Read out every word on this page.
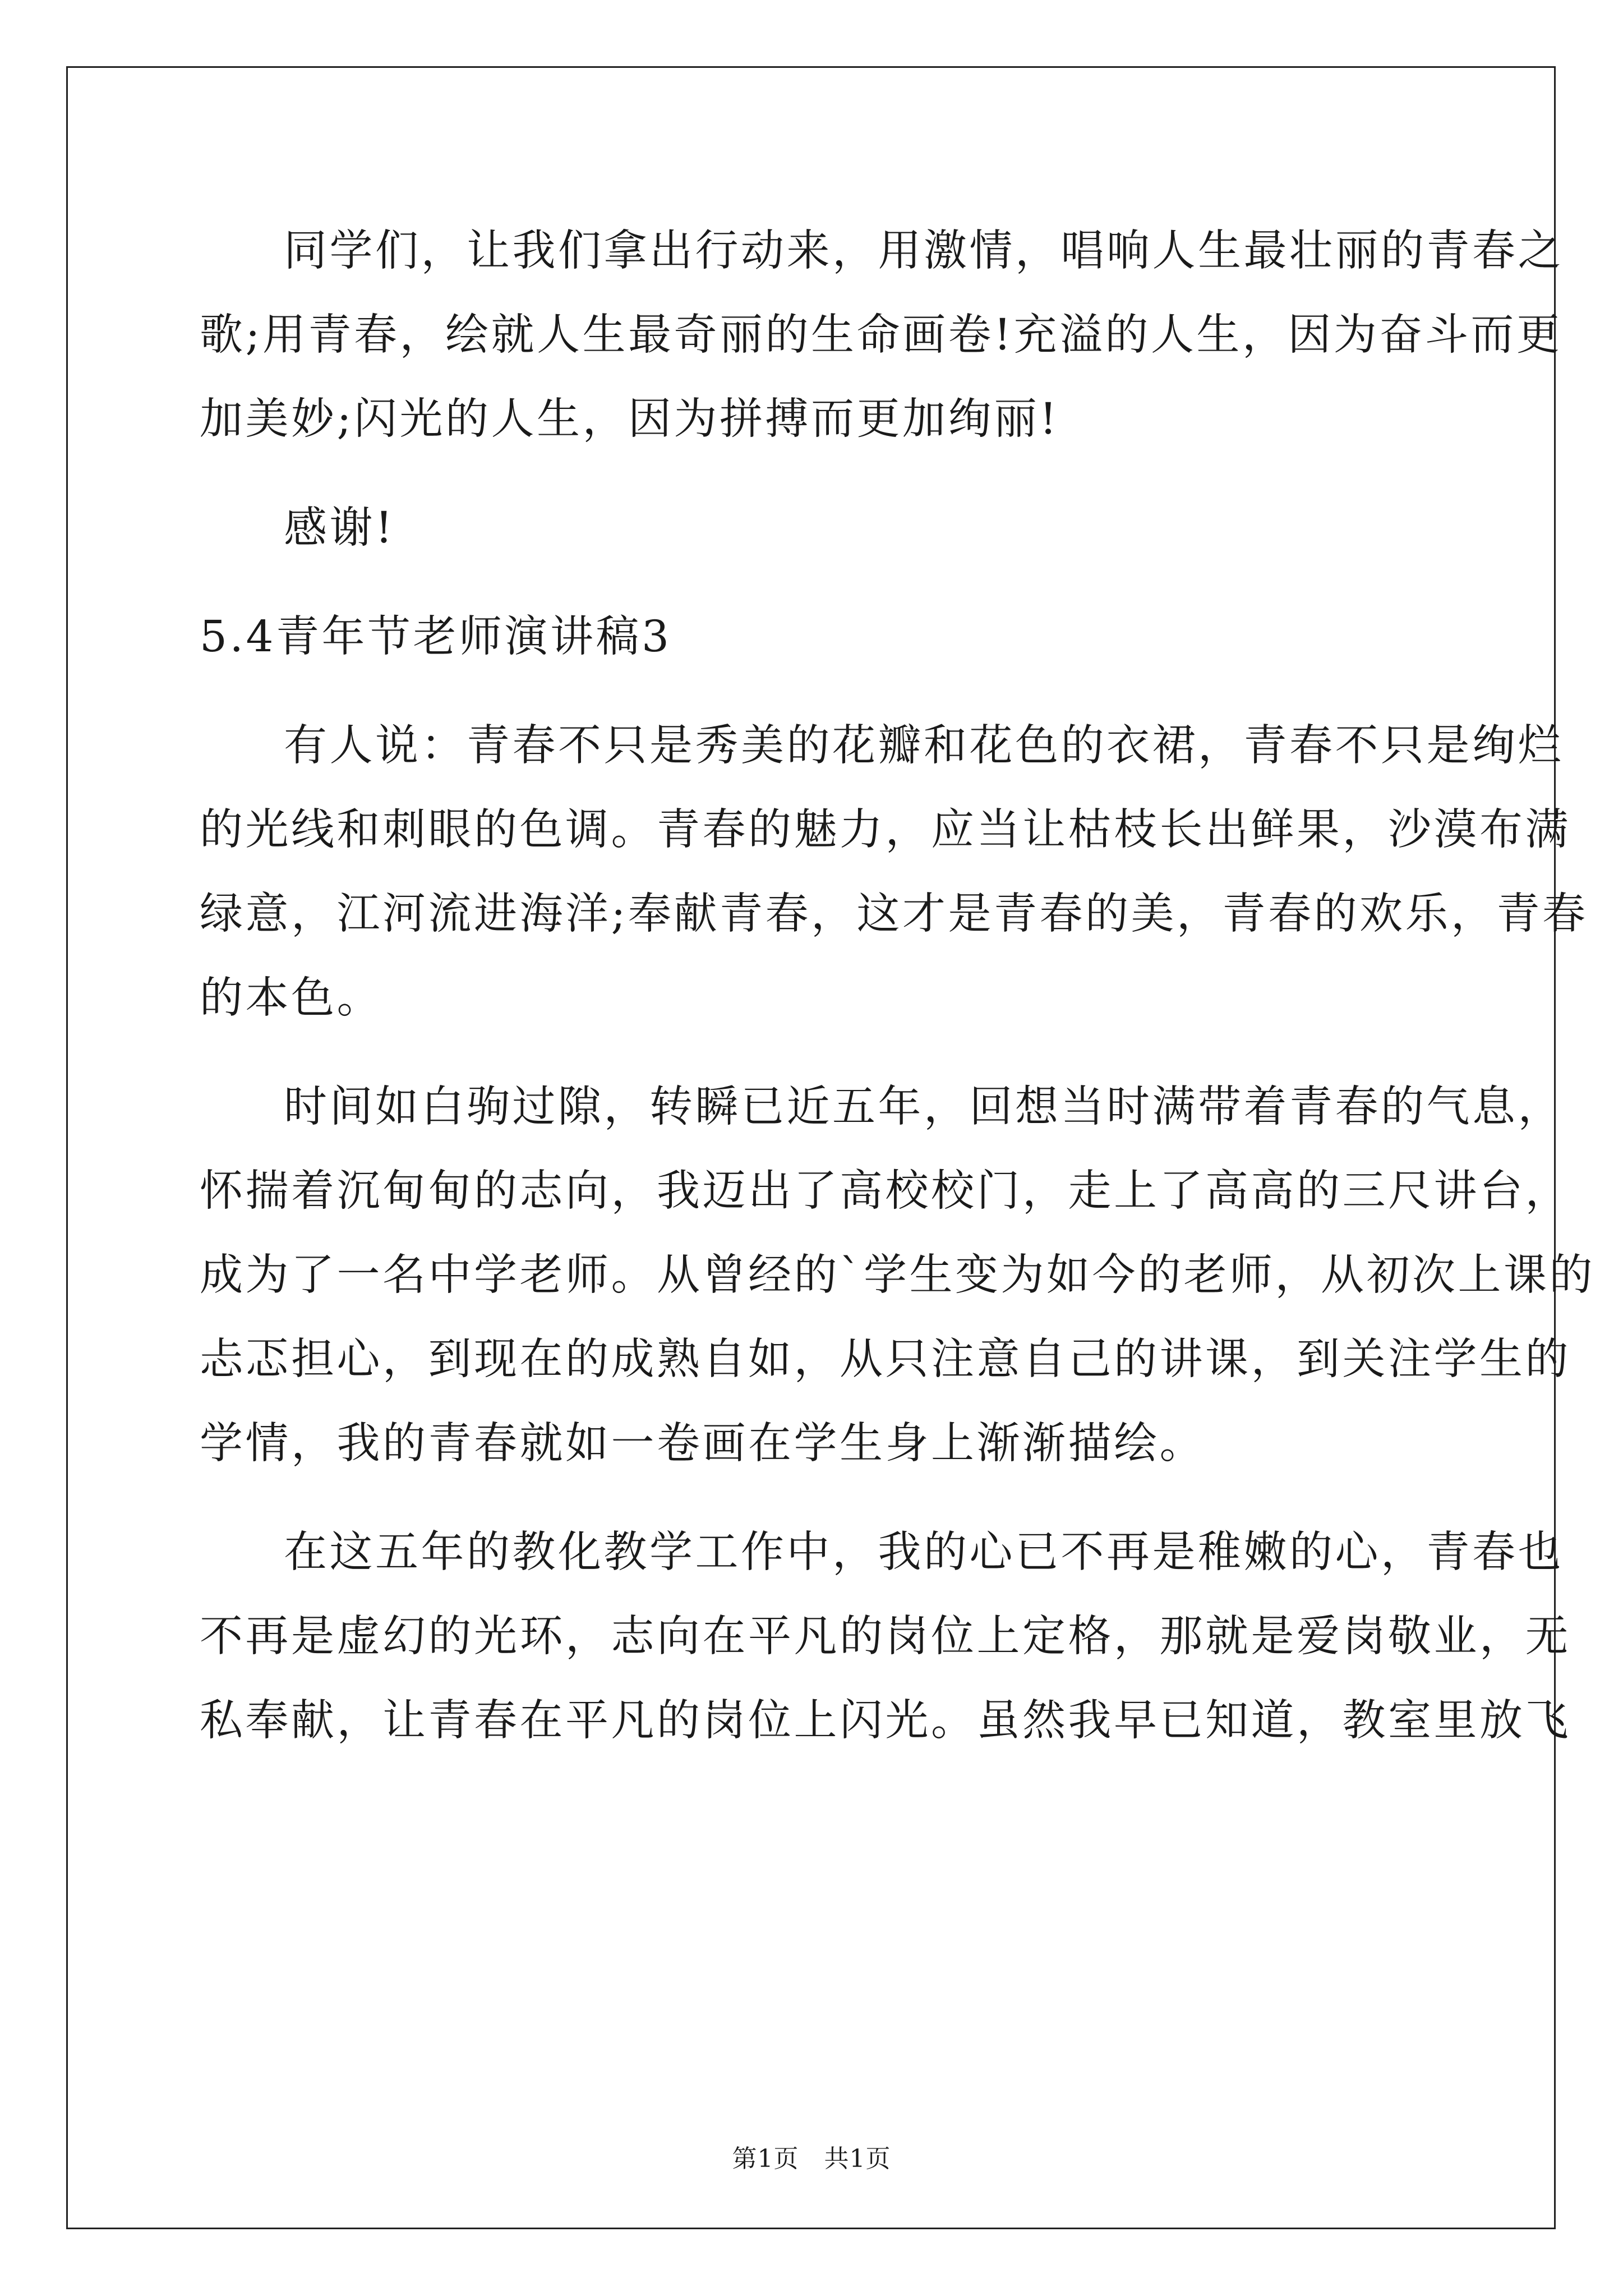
同学们，让我们拿出行动来，用激情，唱响人生最壮丽的青春之

歌;用青春，绘就人生最奇丽的生命画卷!充溢的人生，因为奋斗而更

加美妙;闪光的人生，因为拼搏而更加绚丽!

感谢!

5.4青年节老师演讲稿3

有人说：青春不只是秀美的花瓣和花色的衣裙，青春不只是绚烂

的光线和刺眼的色调。青春的魅力，应当让枯枝长出鲜果，沙漠布满

绿意，江河流进海洋;奉献青春，这才是青春的美，青春的欢乐，青春

的本色。

时间如白驹过隙，转瞬已近五年，回想当时满带着青春的气息，

怀揣着沉甸甸的志向，我迈出了高校校门，走上了高高的三尺讲台，

成为了一名中学老师。从曾经的`学生变为如今的老师，从初次上课的

忐忑担心，到现在的成熟自如，从只注意自己的讲课，到关注学生的

学情，我的青春就如一卷画在学生身上渐渐描绘。

在这五年的教化教学工作中，我的心已不再是稚嫩的心，青春也

不再是虚幻的光环，志向在平凡的岗位上定格，那就是爱岗敬业，无

私奉献，让青春在平凡的岗位上闪光。虽然我早已知道，教室里放飞

第1页　共1页
